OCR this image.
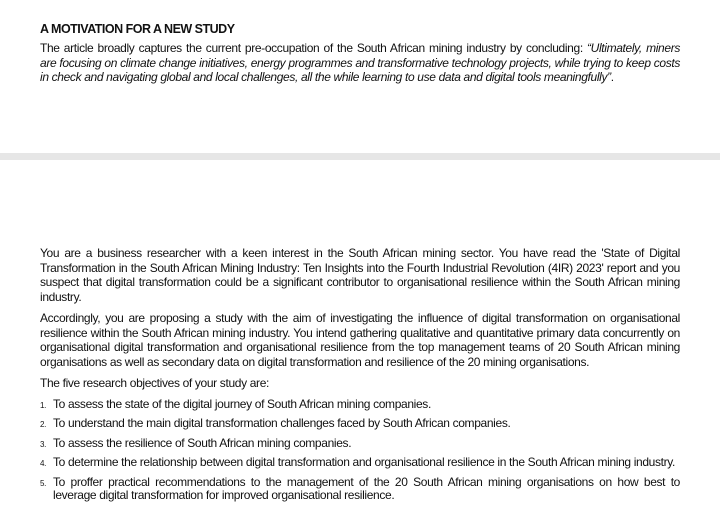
A MOTIVATION FOR A NEW STUDY

The article broadly captures the current pre-occupation of the South African mining industry by concluding: “Ultimately, miners are focusing on climate change initiatives, energy programmes and transformative technology projects, while trying to keep costs in check and navigating global and local challenges, all the while learning to use data and digital tools meaningfully”.

You are a business researcher with a keen interest in the South African mining sector. You have read the 'State of Digital Transformation in the South African Mining Industry: Ten Insights into the Fourth Industrial Revolution (4IR) 2023' report and you suspect that digital transformation could be a significant contributor to organisational resilience within the South African mining industry.

Accordingly, you are proposing a study with the aim of investigating the influence of digital transformation on organisational resilience within the South African mining industry. You intend gathering qualitative and quantitative primary data concurrently on organisational digital transformation and organisational resilience from the top management teams of 20 South African mining organisations as well as secondary data on digital transformation and resilience of the 20 mining organisations.

The five research objectives of your study are:

1. To assess the state of the digital journey of South African mining companies.
2. To understand the main digital transformation challenges faced by South African companies.
3. To assess the resilience of South African mining companies.
4. To determine the relationship between digital transformation and organisational resilience in the South African mining industry.
5. To proffer practical recommendations to the management of the 20 South African mining organisations on how best to leverage digital transformation for improved organisational resilience.
